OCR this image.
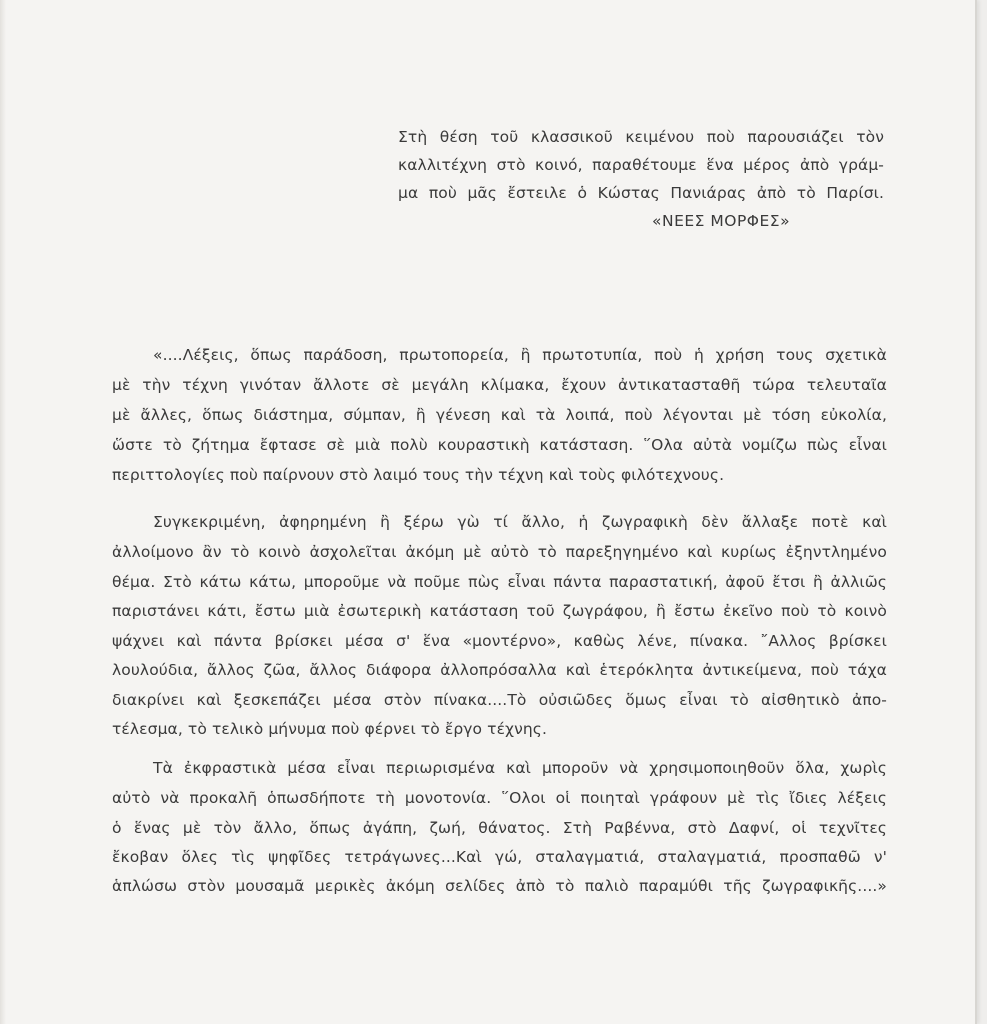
Στὴ θέση τοῦ κλασσικοῦ κειμένου ποὺ παρουσιάζει τὸν
καλλιτέχνη στὸ κοινό, παραθέτουμε ἕνα μέρος ἀπὸ γράμ-
μα ποὺ μᾶς ἔστειλε ὁ Κώστας Πανιάρας ἀπὸ τὸ Παρίσι.
«ΝΕΕΣ ΜΟΡΦΕΣ»
«....Λέξεις, ὅπως παράδοση, πρωτοπορεία, ἢ πρωτοτυπία, ποὺ ἡ χρήση τους σχετικὰ
μὲ τὴν τέχνη γινόταν ἄλλοτε σὲ μεγάλη κλίμακα, ἔχουν ἀντικατασταθῆ τώρα τελευταῖα
μὲ ἄλλες, ὅπως διάστημα, σύμπαν, ἢ γένεση καὶ τὰ λοιπά, ποὺ λέγονται μὲ τόση εὐκολία,
ὥστε τὸ ζήτημα ἔφτασε σὲ μιὰ πολὺ κουραστικὴ κατάσταση. ῞Ολα αὐτὰ νομίζω πὼς εἶναι
περιττολογίες ποὺ παίρνουν στὸ λαιμό τους τὴν τέχνη καὶ τοὺς φιλότεχνους.
Συγκεκριμένη, ἀφηρημένη ἢ ξέρω γὼ τί ἄλλο, ἡ ζωγραφικὴ δὲν ἄλλαξε ποτὲ καὶ
ἀλλοίμονο ἂν τὸ κοινὸ ἀσχολεῖται ἀκόμη μὲ αὐτὸ τὸ παρεξηγημένο καὶ κυρίως ἐξηντλημένο
θέμα. Στὸ κάτω κάτω, μποροῦμε νὰ ποῦμε πὼς εἶναι πάντα παραστατική, ἀφοῦ ἔτσι ἢ ἀλλιῶς
παριστάνει κάτι, ἔστω μιὰ ἐσωτερικὴ κατάσταση τοῦ ζωγράφου, ἢ ἔστω ἐκεῖνο ποὺ τὸ κοινὸ
ψάχνει καὶ πάντα βρίσκει μέσα σ' ἕνα «μοντέρνο», καθὼς λένε, πίνακα. ῎Αλλος βρίσκει
λουλούδια, ἄλλος ζῶα, ἄλλος διάφορα ἀλλοπρόσαλλα καὶ ἑτερόκλητα ἀντικείμενα, ποὺ τάχα
διακρίνει καὶ ξεσκεπάζει μέσα στὸν πίνακα....Τὸ οὐσιῶδες ὅμως εἶναι τὸ αἰσθητικὸ ἀπο-
τέλεσμα, τὸ τελικὸ μήνυμα ποὺ φέρνει τὸ ἔργο τέχνης.
Τὰ ἐκφραστικὰ μέσα εἶναι περιωρισμένα καὶ μποροῦν νὰ χρησιμοποιηθοῦν ὅλα, χωρὶς
αὐτὸ νὰ προκαλῆ ὁπωσδήποτε τὴ μονοτονία. ῞Ολοι οἱ ποιηταὶ γράφουν μὲ τὶς ἴδιες λέξεις
ὁ ἕνας μὲ τὸν ἄλλο, ὅπως ἀγάπη, ζωή, θάνατος. Στὴ Ραβέννα, στὸ Δαφνί, οἱ τεχνῖτες
ἔκοβαν ὅλες τὶς ψηφῖδες τετράγωνες...Καὶ γώ, σταλαγματιά, σταλαγματιά, προσπαθῶ ν'
ἁπλώσω στὸν μουσαμᾶ μερικὲς ἀκόμη σελίδες ἀπὸ τὸ παλιὸ παραμύθι τῆς ζωγραφικῆς....»
